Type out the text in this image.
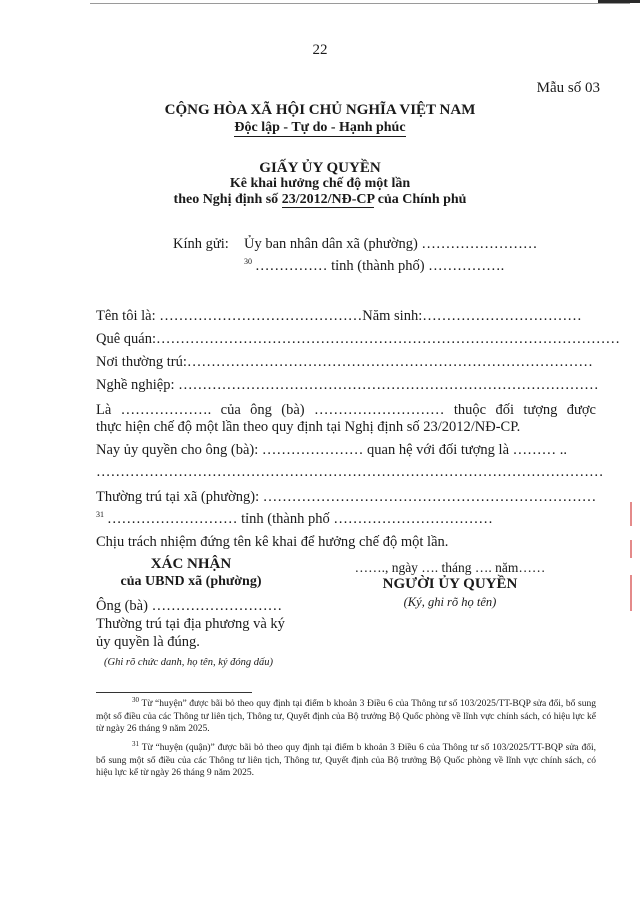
22
Mẫu số 03
CỘNG HÒA XÃ HỘI CHỦ NGHĨA VIỆT NAM
Độc lập - Tự do - Hạnh phúc
GIẤY ỦY QUYỀN
Kê khai hưởng chế độ một lần
theo Nghị định số 23/2012/NĐ-CP của Chính phủ
Kính gửi: Ủy ban nhân dân xã (phường) ……………………
$^{30}$ …………… tỉnh (thành phố) …………….
Tên tôi là: ……………………………………Năm sinh:……………………………
Quê quán:……………………………………………………………………………………
Nơi thường trú:…………………………………………………………………………
Nghề nghiệp: ……………………………………………………………………………
Là ………………. của ông (bà) ……………………… thuộc đối tượng được
thực hiện chế độ một lần theo quy định tại Nghị định số 23/2012/NĐ-CP.
Nay ủy quyền cho ông (bà): ………………… quan hệ với đối tượng là ……… ..
……………………………………………………………………………………………
Thường trú tại xã (phường): ……………………………………………………………
$^{31}$ ……………………… tỉnh (thành phố ……………………………
Chịu trách nhiệm đứng tên kê khai để hưởng chế độ một lần.
XÁC NHẬN
của UBND xã (phường)
Ông (bà) ………………………
Thường trú tại địa phương và ký
ủy quyền là đúng.
(Ghi rõ chức danh, họ tên, ký đóng dấu)
……., ngày …. tháng …. năm……
NGƯỜI ỦY QUYỀN
(Ký, ghi rõ họ tên)
$^{30}$ Từ “huyện” được bãi bỏ theo quy định tại điểm b khoản 3 Điều 6 của Thông tư số 103/2025/TT-BQP sửa đổi, bổ sung một số điều của các Thông tư liên tịch, Thông tư, Quyết định của Bộ trưởng Bộ Quốc phòng về lĩnh vực chính sách, có hiệu lực kể từ ngày 26 tháng 9 năm 2025.
$^{31}$ Từ “huyện (quận)” được bãi bỏ theo quy định tại điểm b khoản 3 Điều 6 của Thông tư số 103/2025/TT-BQP sửa đổi, bổ sung một số điều của các Thông tư liên tịch, Thông tư, Quyết định của Bộ trưởng Bộ Quốc phòng về lĩnh vực chính sách, có hiệu lực kể từ ngày 26 tháng 9 năm 2025.
